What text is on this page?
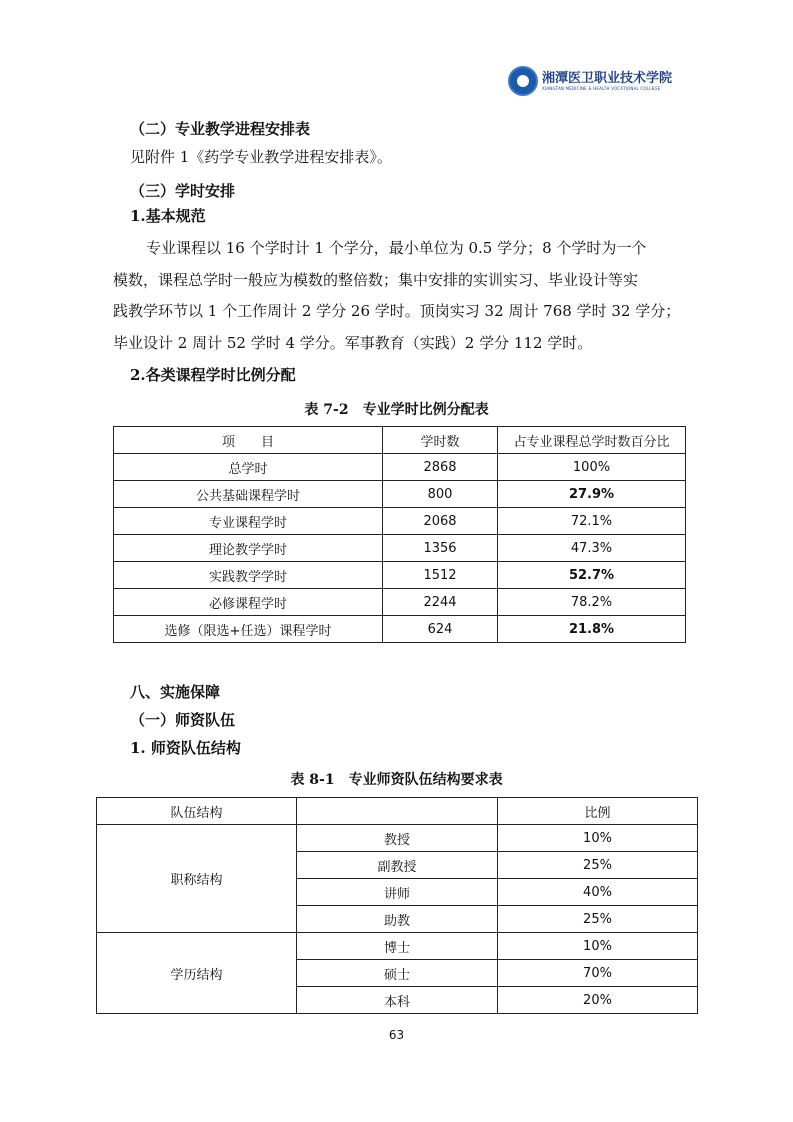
湘潭医卫职业技术学院
XIANGTAN MEDICINE & HEALTH VOCATIONAL COLLEGE
（二）专业教学进程安排表
见附件 1《药学专业教学进程安排表》。
（三）学时安排
1.基本规范
专业课程以 16 个学时计 1 个学分，最小单位为 0.5 学分；8 个学时为一个
模数，课程总学时一般应为模数的整倍数；集中安排的实训实习、毕业设计等实
践教学环节以 1 个工作周计 2 学分 26 学时。顶岗实习 32 周计 768 学时 32 学分；
毕业设计 2 周计 52 学时 4 学分。军事教育（实践）2 学分 112 学时。
2.各类课程学时比例分配
表 7-2　专业学时比例分配表
项　　目	学时数	占专业课程总学时数百分比
总学时	2868	100%
公共基础课程学时	800	27.9%
专业课程学时	2068	72.1%
理论教学学时	1356	47.3%
实践教学学时	1512	52.7%
必修课程学时	2244	78.2%
选修（限选+任选）课程学时	624	21.8%
八、实施保障
（一）师资队伍
1. 师资队伍结构
表 8-1　专业师资队伍结构要求表
队伍结构		比例
职称结构	教授	10%
	副教授	25%
	讲师	40%
	助教	25%
学历结构	博士	10%
	硕士	70%
	本科	20%
63
